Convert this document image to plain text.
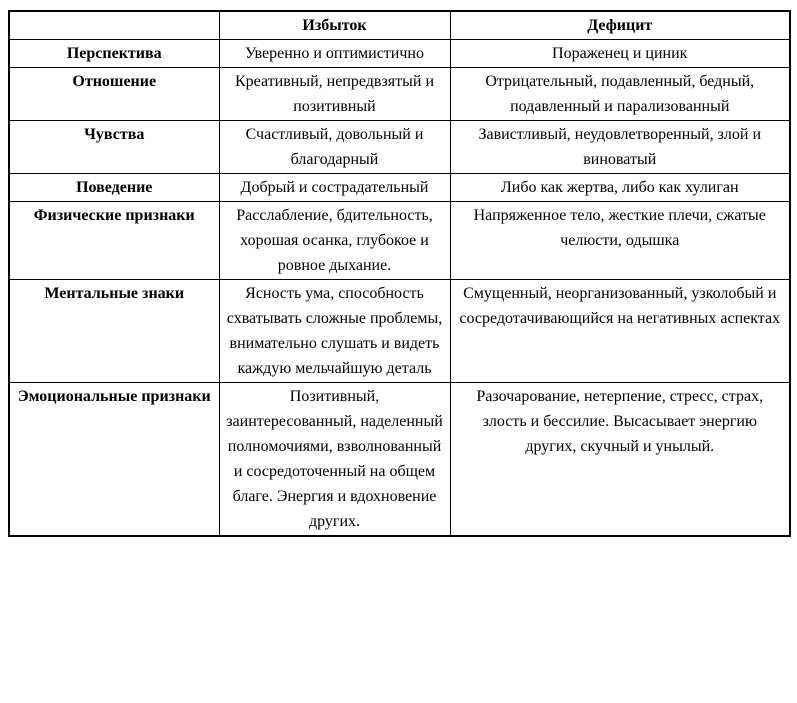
	Избыток	Дефицит
Перспектива	Уверенно и оптимистично	Пораженец и циник
Отношение	Креативный, непредвзятый и позитивный	Отрицательный, подавленный, бедный, подавленный и парализованный
Чувства	Счастливый, довольный и благодарный	Завистливый, неудовлетворенный, злой и виноватый
Поведение	Добрый и сострадательный	Либо как жертва, либо как хулиган
Физические признаки	Расслабление, бдительность, хорошая осанка, глубокое и ровное дыхание.	Напряженное тело, жесткие плечи, сжатые челюсти, одышка
Ментальные знаки	Ясность ума, способность схватывать сложные проблемы, внимательно слушать и видеть каждую мельчайшую деталь	Смущенный, неорганизованный, узколобый и сосредотачивающийся на негативных аспектах
Эмоциональные признаки	Позитивный, заинтересованный, наделенный полномочиями, взволнованный и сосредоточенный на общем благе. Энергия и вдохновение других.	Разочарование, нетерпение, стресс, страх, злость и бессилие. Высасывает энергию других, скучный и унылый.
